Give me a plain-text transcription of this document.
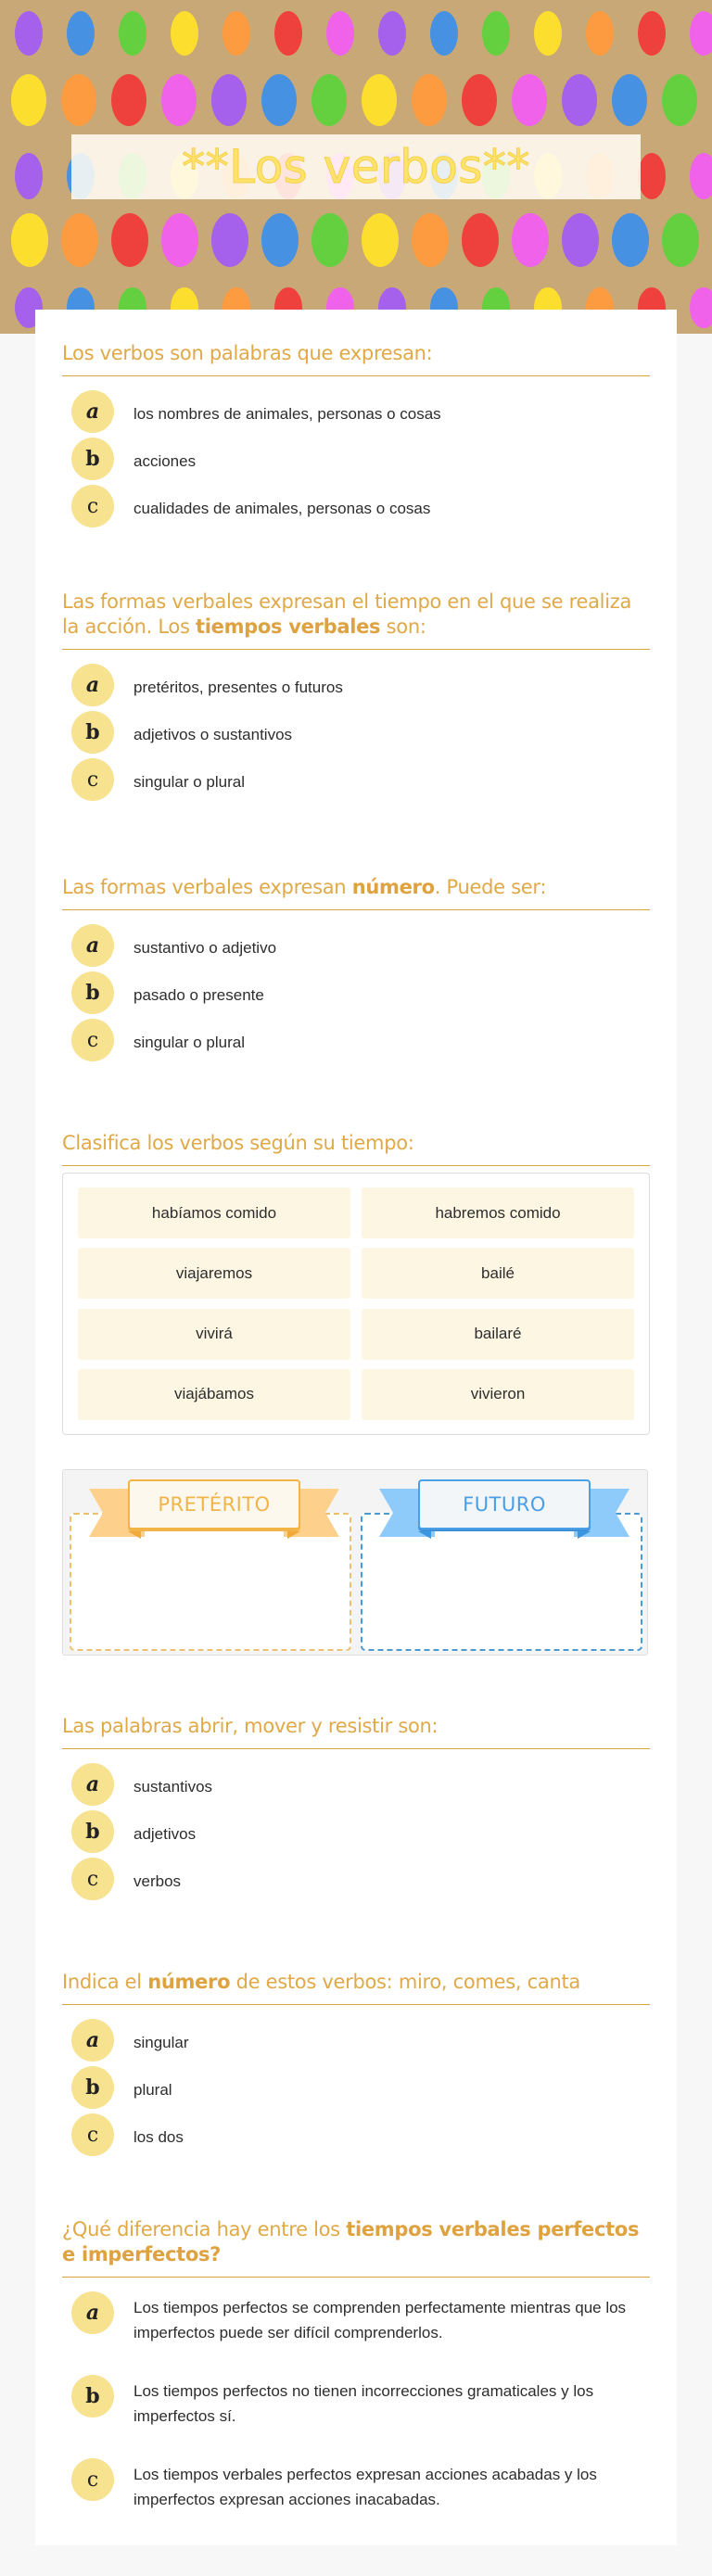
**Los verbos**
Los verbos son palabras que expresan:
a	los nombres de animales, personas o cosas
b	acciones
c	cualidades de animales, personas o cosas
Las formas verbales expresan el tiempo en el que se realiza la acción. Los tiempos verbales son:
a	pretéritos, presentes o futuros
b	adjetivos o sustantivos
c	singular o plural
Las formas verbales expresan número. Puede ser:
a	sustantivo o adjetivo
b	pasado o presente
c	singular o plural
Clasifica los verbos según su tiempo:
habíamos comido	habremos comido
viajaremos	bailé
vivirá	bailaré
viajábamos	vivieron
PRETÉRITO	FUTURO
Las palabras abrir, mover y resistir son:
a	sustantivos
b	adjetivos
c	verbos
Indica el número de estos verbos: miro, comes, canta
a	singular
b	plural
c	los dos
¿Qué diferencia hay entre los tiempos verbales perfectos e imperfectos?
a	Los tiempos perfectos se comprenden perfectamente mientras que los imperfectos puede ser difícil comprenderlos.
b	Los tiempos perfectos no tienen incorrecciones gramaticales y los imperfectos sí.
c	Los tiempos verbales perfectos expresan acciones acabadas y los imperfectos expresan acciones inacabadas.
